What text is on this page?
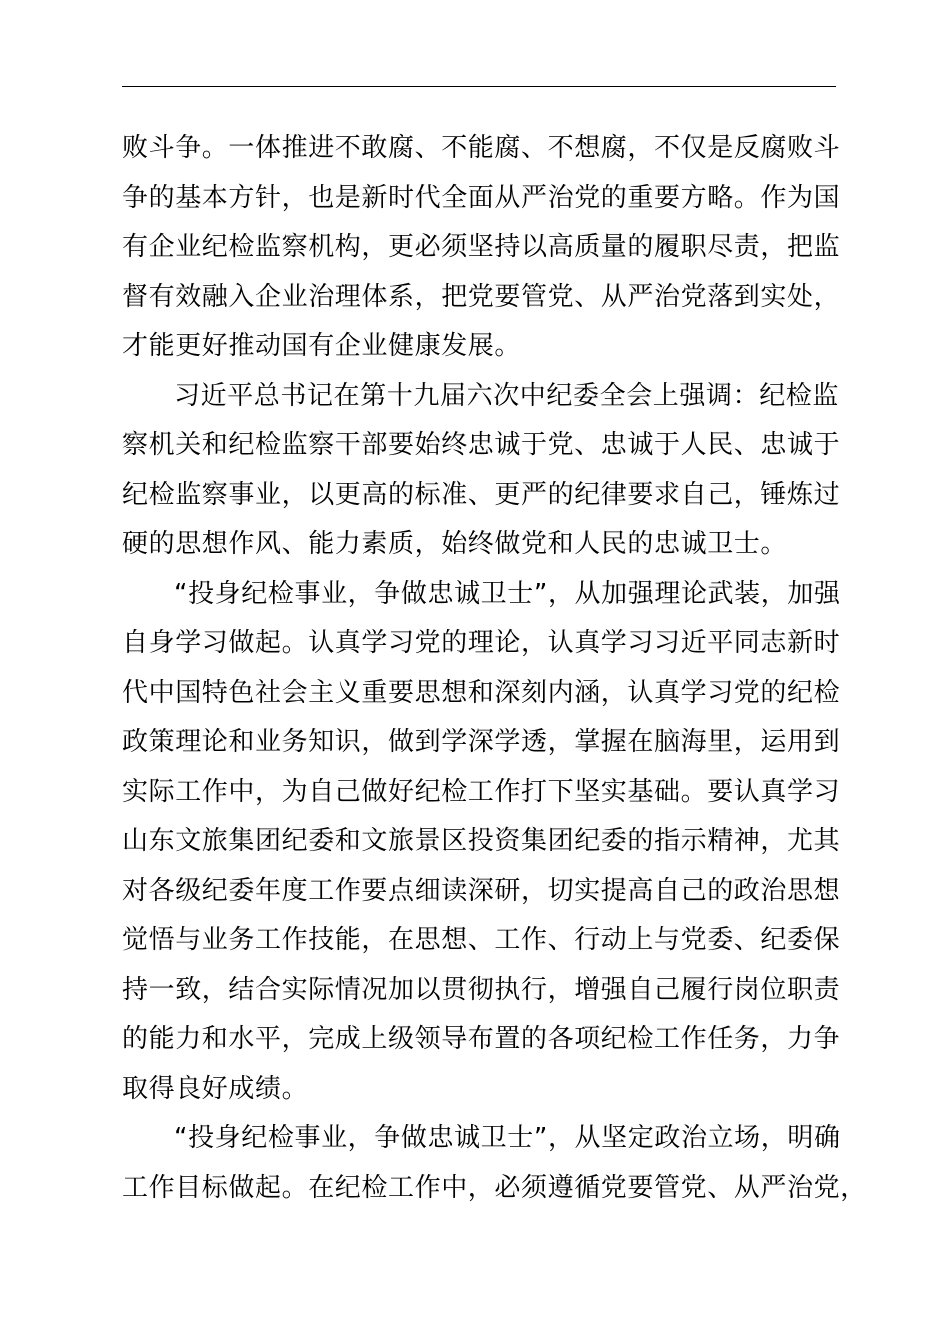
败斗争。一体推进不敢腐、不能腐、不想腐，不仅是反腐败斗
争的基本方针，也是新时代全面从严治党的重要方略。作为国
有企业纪检监察机构，更必须坚持以高质量的履职尽责，把监
督有效融入企业治理体系，把党要管党、从严治党落到实处，
才能更好推动国有企业健康发展。
习近平总书记在第十九届六次中纪委全会上强调：纪检监
察机关和纪检监察干部要始终忠诚于党、忠诚于人民、忠诚于
纪检监察事业，以更高的标准、更严的纪律要求自己，锤炼过
硬的思想作风、能力素质，始终做党和人民的忠诚卫士。
“投身纪检事业，争做忠诚卫士”，从加强理论武装，加强
自身学习做起。认真学习党的理论，认真学习习近平同志新时
代中国特色社会主义重要思想和深刻内涵，认真学习党的纪检
政策理论和业务知识，做到学深学透，掌握在脑海里，运用到
实际工作中，为自己做好纪检工作打下坚实基础。要认真学习
山东文旅集团纪委和文旅景区投资集团纪委的指示精神，尤其
对各级纪委年度工作要点细读深研，切实提高自己的政治思想
觉悟与业务工作技能，在思想、工作、行动上与党委、纪委保
持一致，结合实际情况加以贯彻执行，增强自己履行岗位职责
的能力和水平，完成上级领导布置的各项纪检工作任务，力争
取得良好成绩。
“投身纪检事业，争做忠诚卫士”，从坚定政治立场，明确
工作目标做起。在纪检工作中，必须遵循党要管党、从严治党，
